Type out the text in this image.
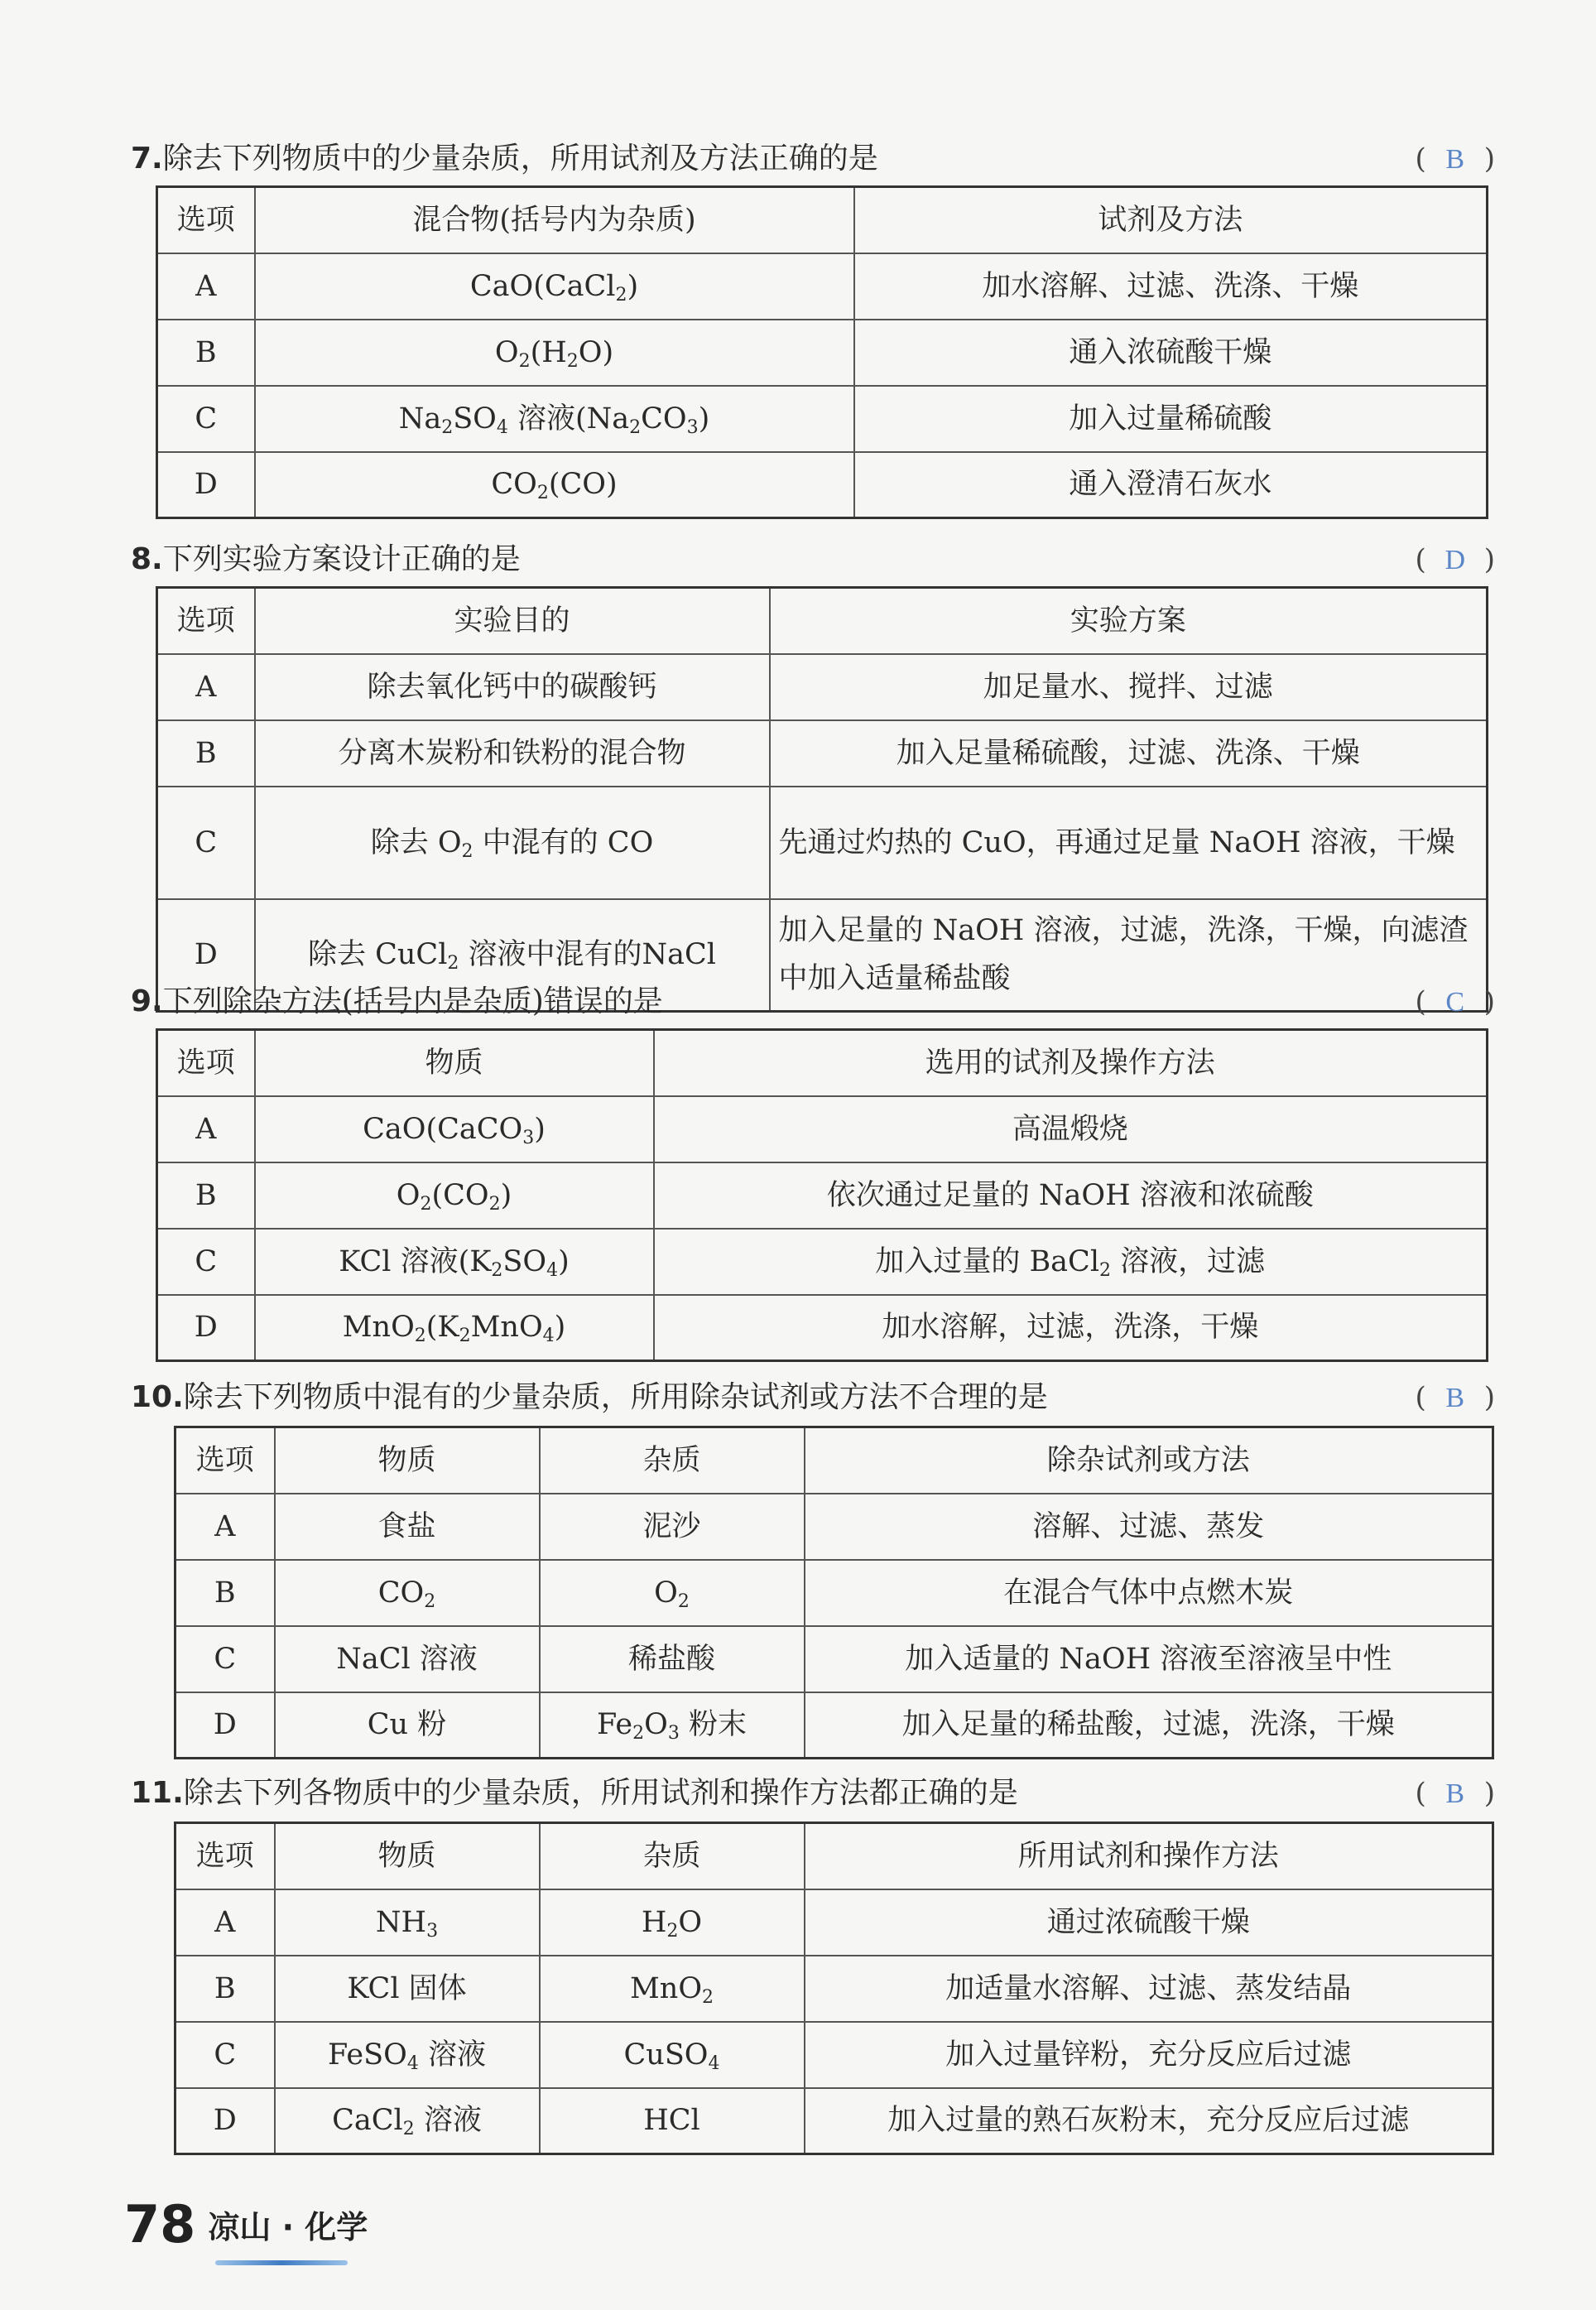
7.除去下列物质中的少量杂质，所用试剂及方法正确的是	( B )
选项	混合物(括号内为杂质)	试剂及方法
A	CaO(CaCl$_2$)	加水溶解、过滤、洗涤、干燥
B	$O_2(H_2O)$	通入浓硫酸干燥
C	$Na_2SO_4$ 溶液$(Na_2CO_3)$	加入过量稀硫酸
D	$CO_2(CO)$	通入澄清石灰水
8.下列实验方案设计正确的是	( D )
选项	实验目的	实验方案
A	除去氧化钙中的碳酸钙	加足量水、搅拌、过滤
B	分离木炭粉和铁粉的混合物	加入足量稀硫酸，过滤、洗涤、干燥
C	除去 $O_2$ 中混有的 CO	先通过灼热的 CuO，再通过足量 NaOH 溶液，干燥
D	除去 CuCl$_2$ 溶液中混有的NaCl	加入足量的 NaOH 溶液，过滤，洗涤，干燥，向滤渣中加入适量稀盐酸
9.下列除杂方法(括号内是杂质)错误的是	( C )
选项	物质	选用的试剂及操作方法
A	CaO(CaCO$_3$)	高温煅烧
B	$O_2(CO_2)$	依次通过足量的 NaOH 溶液和浓硫酸
C	KCl 溶液$(K_2SO_4)$	加入过量的 BaCl$_2$ 溶液，过滤
D	$MnO_2(K_2MnO_4)$	加水溶解，过滤，洗涤，干燥
10.除去下列物质中混有的少量杂质，所用除杂试剂或方法不合理的是	( B )
选项	物质	杂质	除杂试剂或方法
A	食盐	泥沙	溶解、过滤、蒸发
B	$CO_2$	$O_2$	在混合气体中点燃木炭
C	NaCl 溶液	稀盐酸	加入适量的 NaOH 溶液至溶液呈中性
D	Cu 粉	$Fe_2O_3$ 粉末	加入足量的稀盐酸，过滤，洗涤，干燥
11.除去下列各物质中的少量杂质，所用试剂和操作方法都正确的是	( B )
选项	物质	杂质	所用试剂和操作方法
A	$NH_3$	$H_2O$	通过浓硫酸干燥
B	KCl 固体	MnO$_2$	加适量水溶解、过滤、蒸发结晶
C	FeSO$_4$ 溶液	CuSO$_4$	加入过量锌粉，充分反应后过滤
D	CaCl$_2$ 溶液	HCl	加入过量的熟石灰粉末，充分反应后过滤
78 凉山 · 化学
